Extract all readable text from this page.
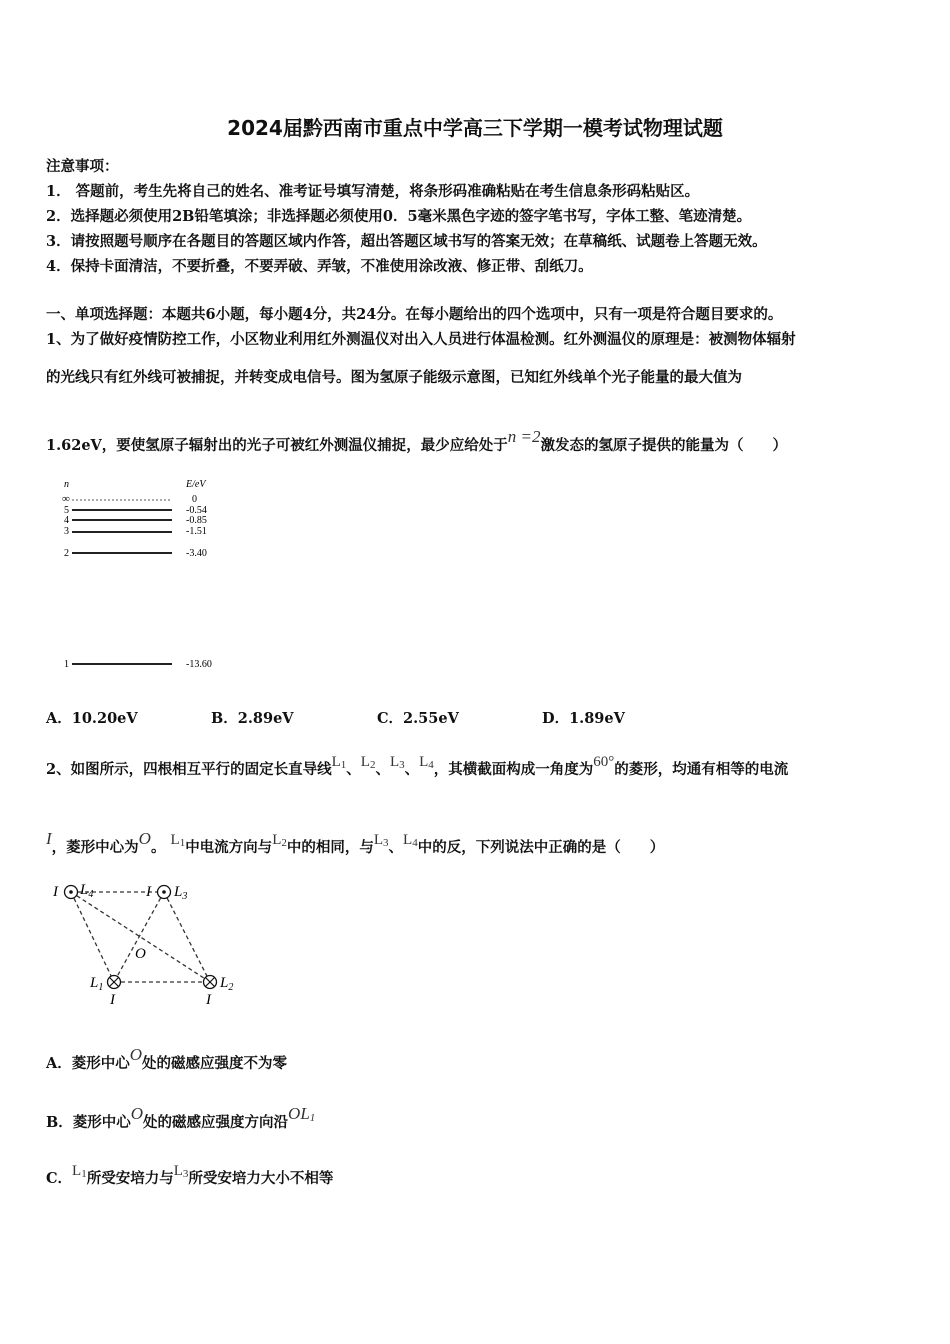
2024届黔西南市重点中学高三下学期一模考试物理试题
注意事项：
1． 答题前，考生先将自己的姓名、准考证号填写清楚，将条形码准确粘贴在考生信息条形码粘贴区。
2．选择题必须使用2B铅笔填涂；非选择题必须使用0．5毫米黑色字迹的签字笔书写，字体工整、笔迹清楚。
3．请按照题号顺序在各题目的答题区域内作答，超出答题区域书写的答案无效；在草稿纸、试题卷上答题无效。
4．保持卡面清洁，不要折叠，不要弄破、弄皱，不准使用涂改液、修正带、刮纸刀。
一、单项选择题：本题共6小题，每小题4分，共24分。在每小题给出的四个选项中，只有一项是符合题目要求的。
1、为了做好疫情防控工作，小区物业利用红外测温仪对出入人员进行体温检测。红外测温仪的原理是：被测物体辐射
的光线只有红外线可被捕捉，并转变成电信号。图为氢原子能级示意图，已知红外线单个光子能量的最大值为
1.62eV，要使氢原子辐射出的光子可被红外测温仪捕捉，最少应给处于n =2激发态的氢原子提供的能量为（　　）
n	E/eV
∞	0
5	-0.54
4	-0.85
3	-1.51
2	-3.40
1	-13.60
A．10.20eV	B．2.89eV	C．2.55eV	D．1.89eV
2、如图所示，四根相互平行的固定长直导线L1、L2、L3、L4，其横截面构成一角度为60°的菱形，均通有相等的电流
I，菱形中心为O。 L1中电流方向与L2中的相同，与L3、L4中的反，下列说法中正确的是（　　）
I $L_4$	I $L_3$
O
$L_1$
I
$L_2$
I
A．菱形中心O处的磁感应强度不为零
B．菱形中心O处的磁感应强度方向沿OL1
C．L1所受安培力与L3所受安培力大小不相等
